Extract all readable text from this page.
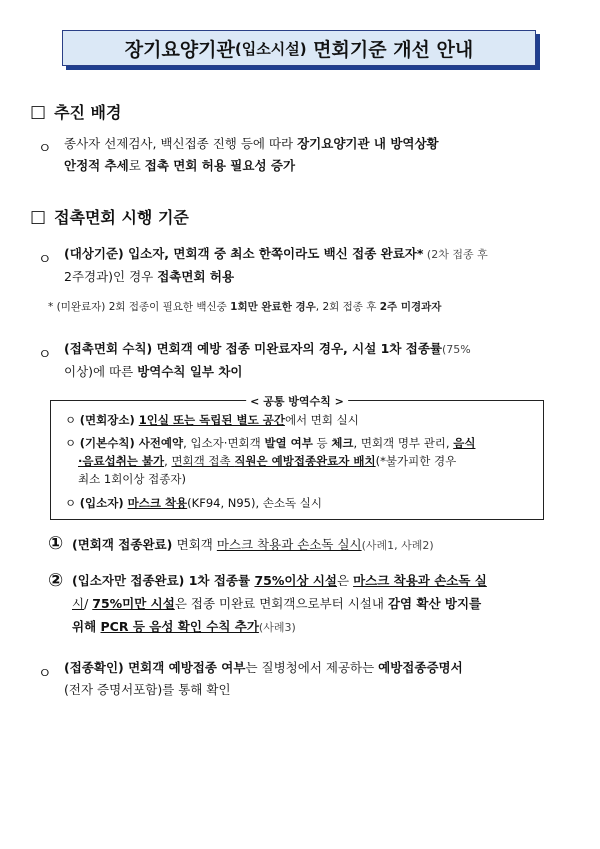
장기요양기관 (입소시설) 면회기준 개선 안내
□ 추진 배경
ㅇ 종사자 선제검사, 백신접종 진행 등에 따라 장기요양기관 내 방역상황
안정적 추세로 접촉 면회 허용 필요성 증가
□ 접촉면회 시행 기준
ㅇ (대상기준) 입소자, 면회객 중 최소 한쪽이라도 백신 접종 완료자* (2차 접종 후
2주경과)인 경우 접촉면회 허용
* (미완료자) 2회 접종이 필요한 백신중 1회만 완료한 경우, 2회 접종 후 2주 미경과자
ㅇ (접촉면회 수칙) 면회객 예방 접종 미완료자의 경우, 시설 1차 접종률(75%
이상)에 따른 방역수칙 일부 차이
< 공통 방역수칙 >
ㅇ (면회장소) 1인실 또는 독립된 별도 공간에서 면회 실시
ㅇ (기본수칙) 사전예약, 입소자·면회객 발열 여부 등 체크, 면회객 명부 관리, 음식
·음료섭취는 불가, 면회객 접촉 직원은 예방접종완료자 배치(*불가피한 경우
최소 1회이상 접종자)
ㅇ (입소자) 마스크 착용(KF94, N95), 손소독 실시
① (면회객 접종완료) 면회객 마스크 착용과 손소독 실시(사례1, 사례2)
② (입소자만 접종완료) 1차 접종률 75%이상 시설은 마스크 착용과 손소독 실
시/ 75%미만 시설은 접종 미완료 면회객으로부터 시설내 감염 확산 방지를
위해 PCR 등 음성 확인 수칙 추가(사례3)
ㅇ (접종확인) 면회객 예방접종 여부는 질병청에서 제공하는 예방접종증명서
(전자 증명서포함)를 통해 확인
